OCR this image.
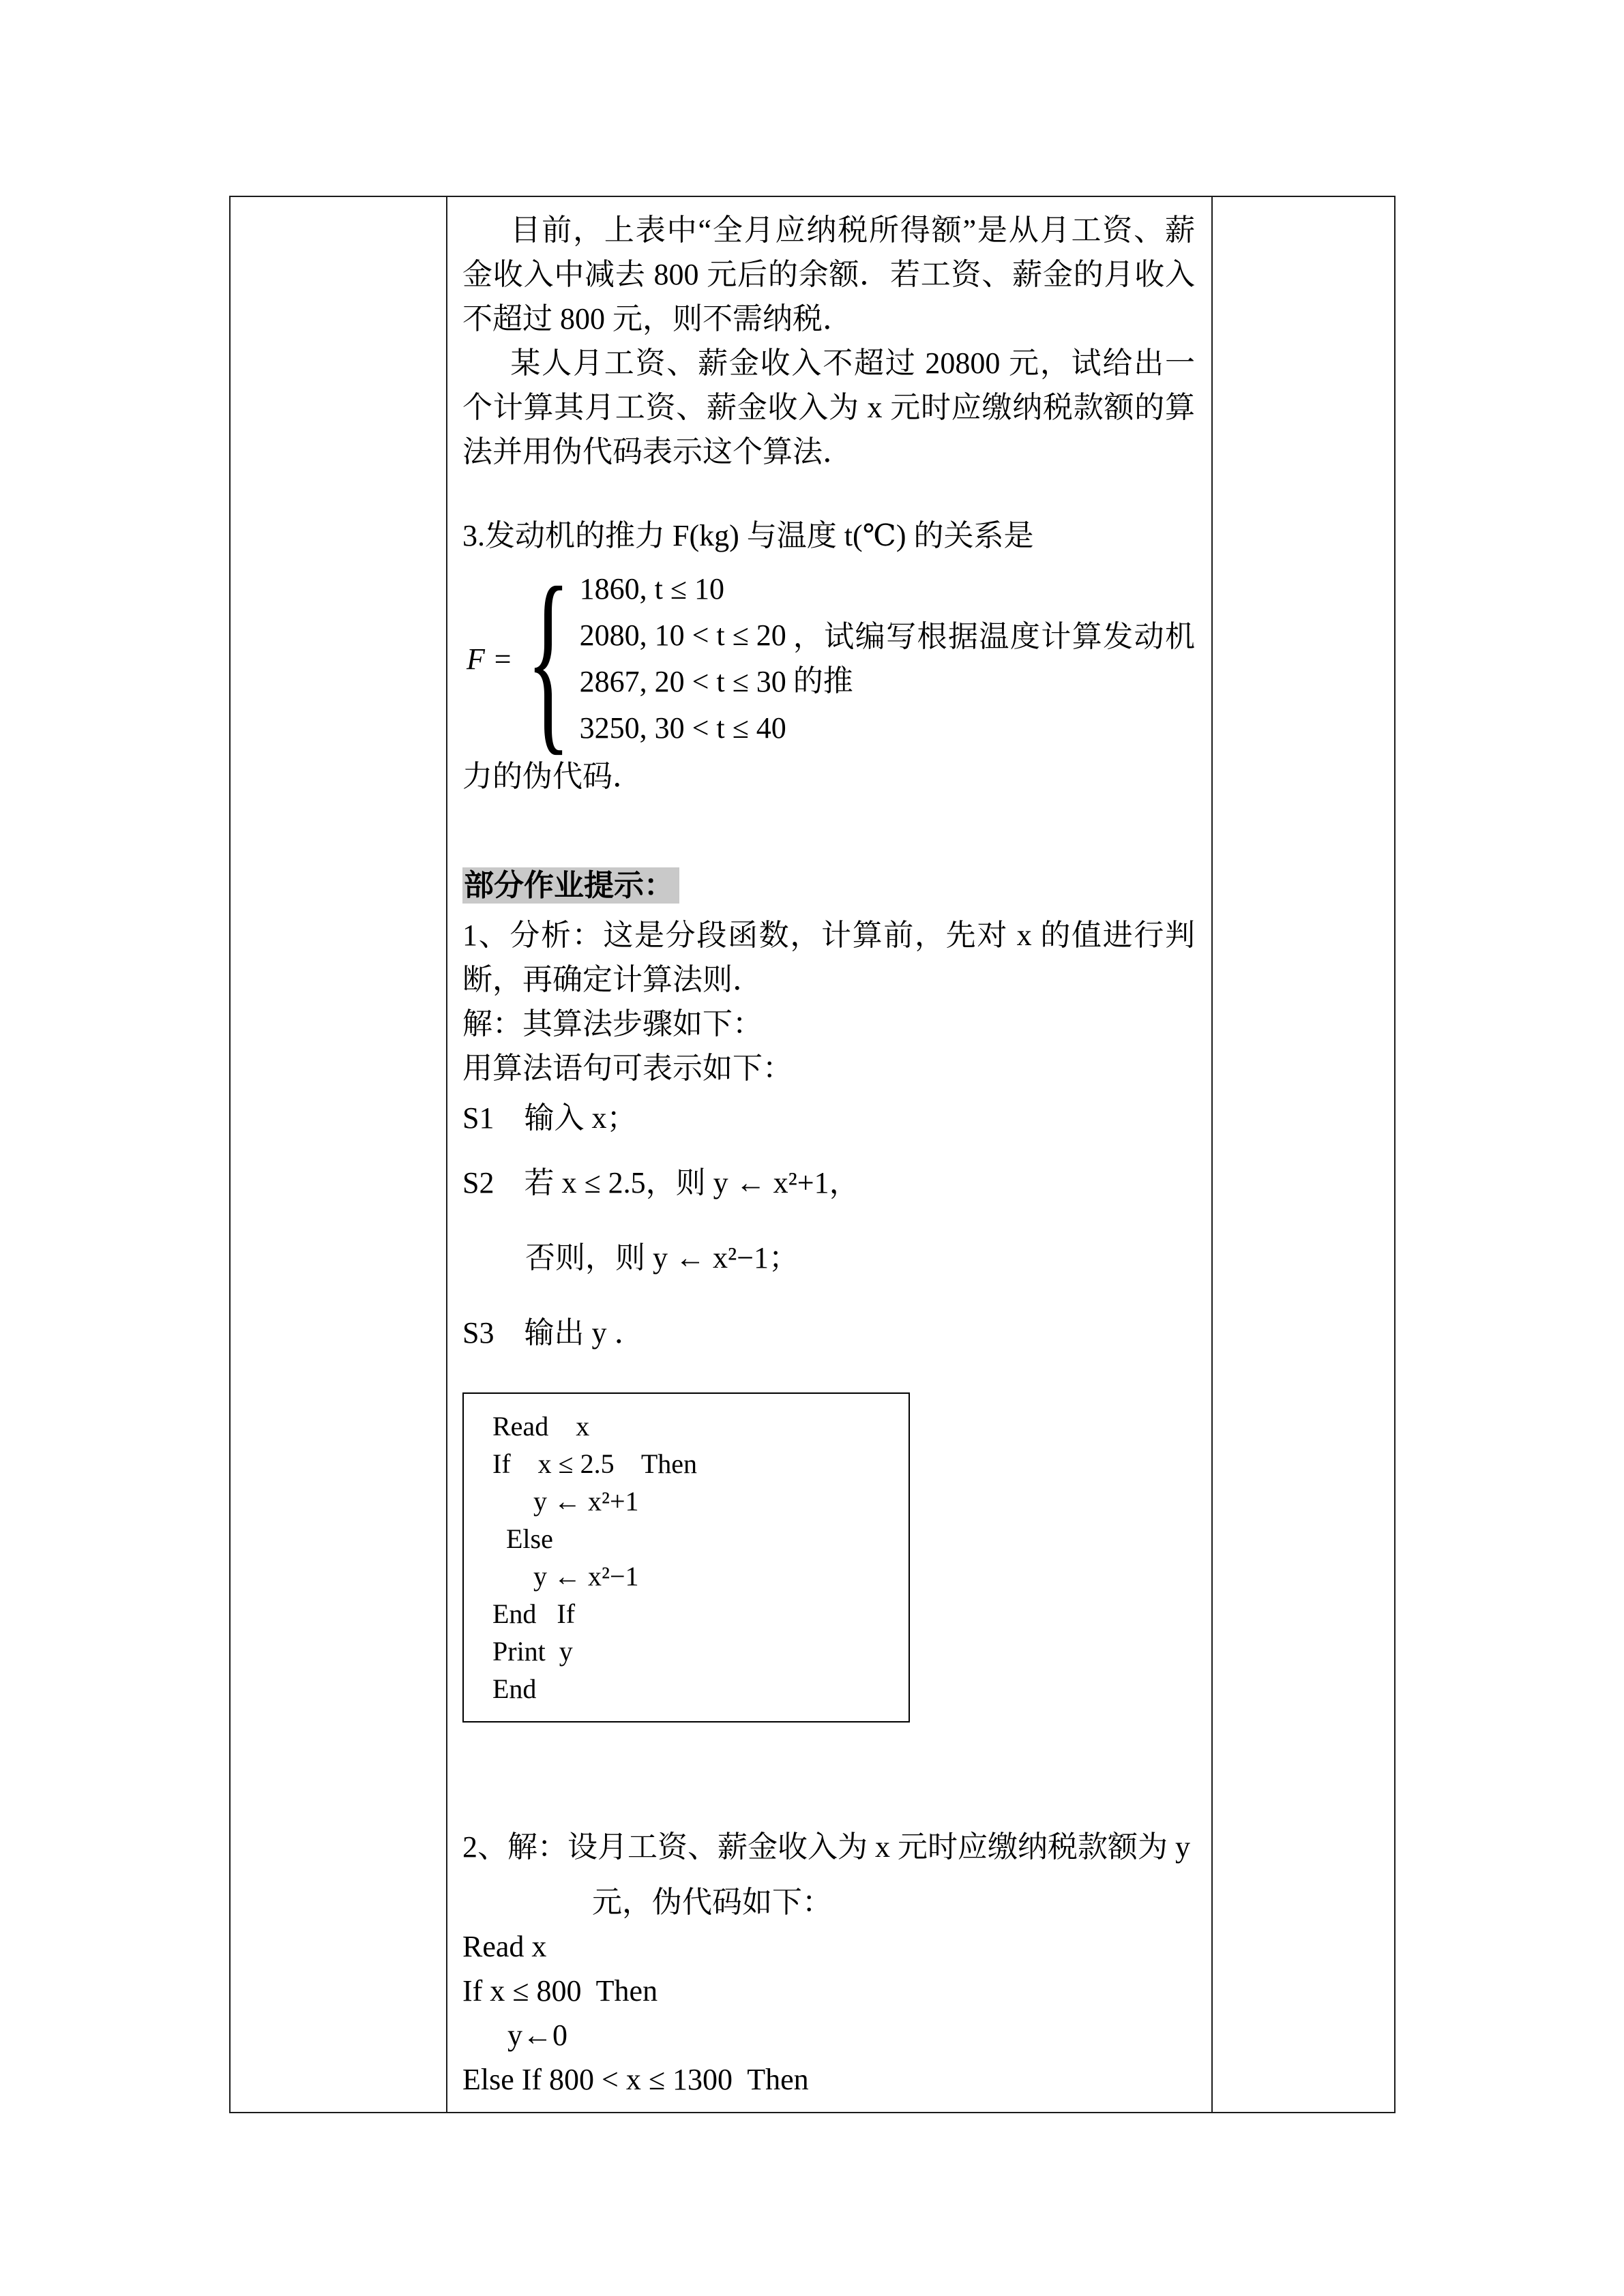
目前，上表中“全月应纳税所得额”是从月工资、薪金收入中减去 800 元后的余额．若工资、薪金的月收入不超过 800 元，则不需纳税．

某人月工资、薪金收入不超过 20800 元，试给出一个计算其月工资、薪金收入为 x 元时应缴纳税款额的算法并用伪代码表示这个算法．

3.发动机的推力 F(kg) 与温度 t(℃) 的关系是

F = { 1860, t ≤ 10
2080, 10 < t ≤ 20
2867, 20 < t ≤ 30
3250, 30 < t ≤ 40
，试编写根据温度计算发动机的推

力的伪代码．

部分作业提示：

1、分析：这是分段函数，计算前，先对 x 的值进行判断，再确定计算法则．

解：其算法步骤如下：

用算法语句可表示如下：

S1　输入 x；

S2　若 x ≤ 2.5，则 y ← x²+1，

否则，则 y ← x²−1；

S3　输出 y ．

Read    x
If    x ≤ 2.5    Then
y ← x²+1
Else
y ← x²−1
End   If
Print  y
End

2、解：设月工资、薪金收入为 x 元时应缴纳税款额为 y

元，伪代码如下：

Read x

If x ≤ 800  Then

y←0

Else If 800 < x ≤ 1300  Then
